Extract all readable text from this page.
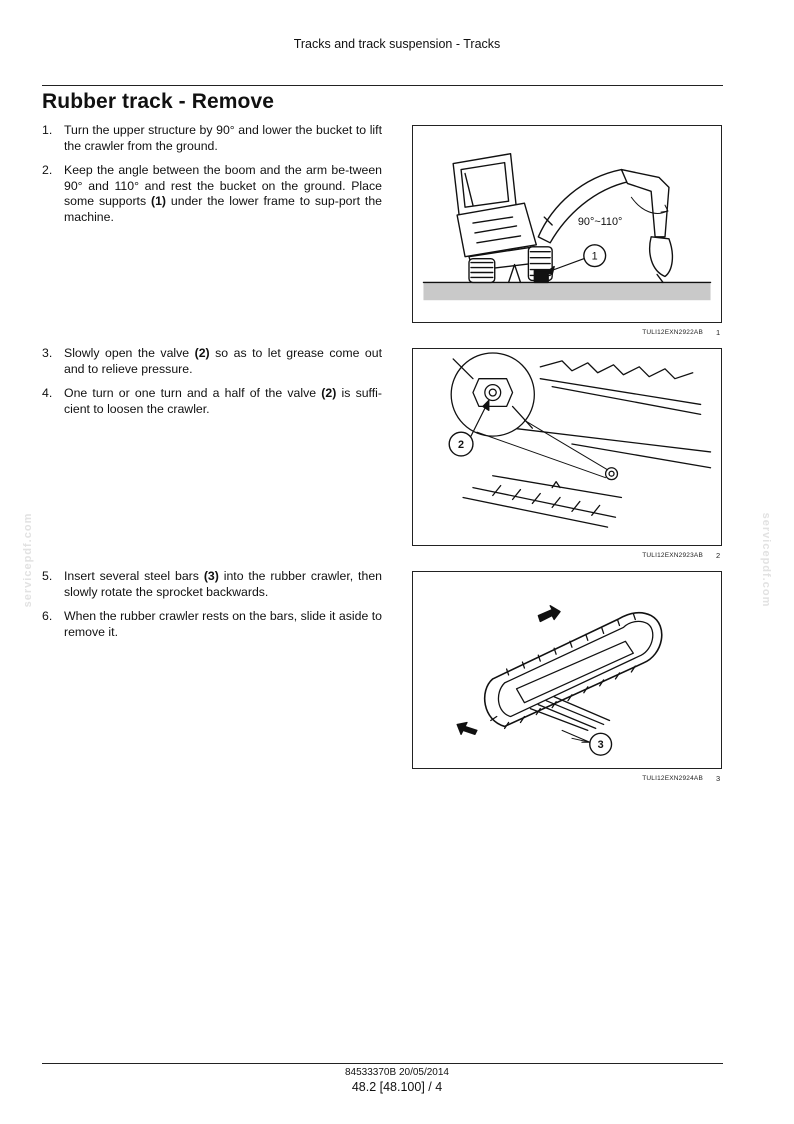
Tracks and track suspension - Tracks
Rubber track - Remove
1. Turn the upper structure by 90° and lower the bucket to lift the crawler from the ground.
2. Keep the angle between the boom and the arm be-tween 90° and 110° and rest the bucket on the ground. Place some supports (1) under the lower frame to sup-port the machine.
3. Slowly open the valve (2) so as to let grease come out and to relieve pressure.
4. One turn or one turn and a half of the valve (2) is suffi-cient to loosen the crawler.
5. Insert several steel bars (3) into the rubber crawler, then slowly rotate the sprocket backwards.
6. When the rubber crawler rests on the bars, slide it aside to remove it.
90°~110°
1
TULI12EXN2922AB 1
2
TULI12EXN2923AB 2
3
TULI12EXN2924AB 3
servicepdf.com	servicepdf.com
84533370B 20/05/2014
48.2 [48.100] / 4
